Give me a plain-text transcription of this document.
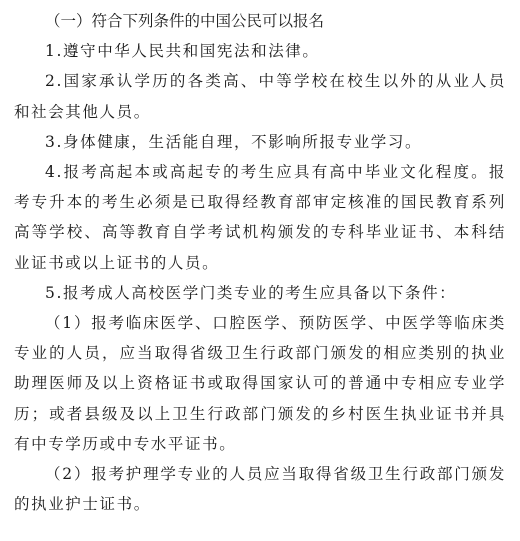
（一）符合下列条件的中国公民可以报名

1.遵守中华人民共和国宪法和法律。

2.国家承认学历的各类高、中等学校在校生以外的从业人员和社会其他人员。

3.身体健康，生活能自理，不影响所报专业学习。

4.报考高起本或高起专的考生应具有高中毕业文化程度。报考专升本的考生必须是已取得经教育部审定核准的国民教育系列高等学校、高等教育自学考试机构颁发的专科毕业证书、本科结业证书或以上证书的人员。

5.报考成人高校医学门类专业的考生应具备以下条件：

（1）报考临床医学、口腔医学、预防医学、中医学等临床类专业的人员，应当取得省级卫生行政部门颁发的相应类别的执业助理医师及以上资格证书或取得国家认可的普通中专相应专业学历；或者县级及以上卫生行政部门颁发的乡村医生执业证书并具有中专学历或中专水平证书。

（2）报考护理学专业的人员应当取得省级卫生行政部门颁发的执业护士证书。
